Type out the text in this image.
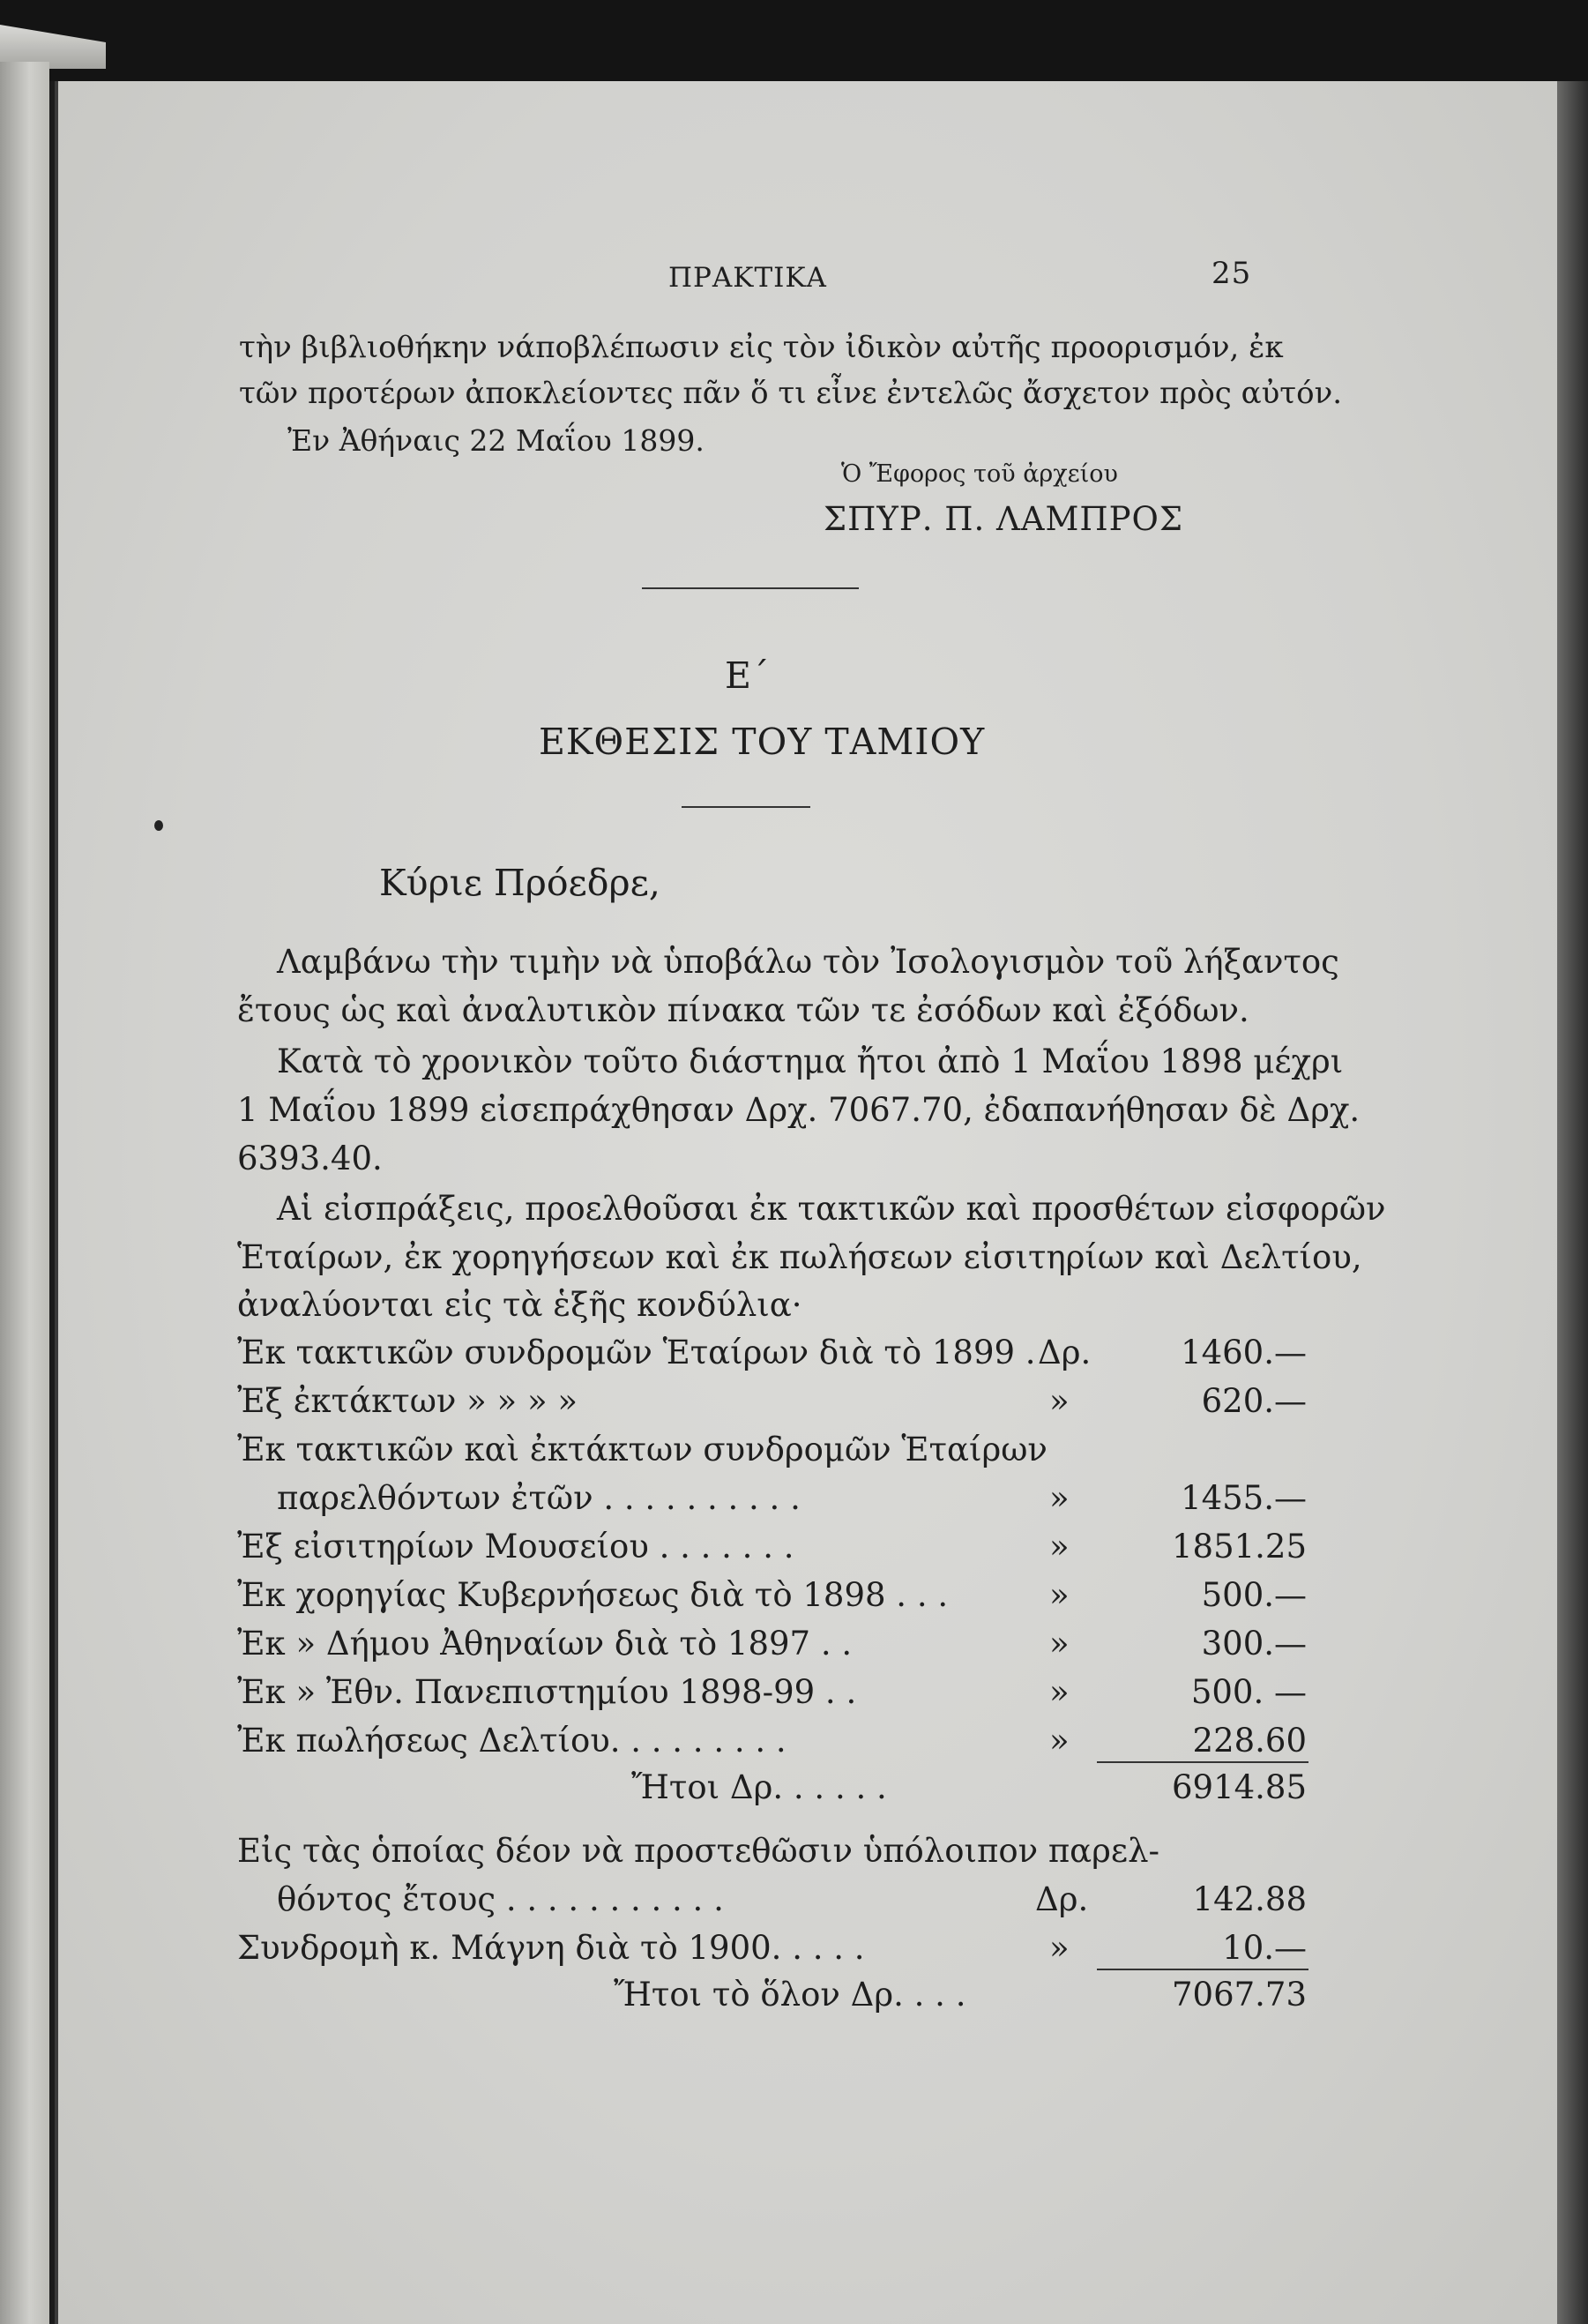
ΠΡΑΚΤΙΚΑ	25
τὴν βιβλιοθήκην νάποβλέπωσιν εἰς τὸν ἰδικὸν αὐτῆς προορισμόν, ἐκ
τῶν προτέρων ἀποκλείοντες πᾶν ὅ τι εἶνε ἐντελῶς ἄσχετον πρὸς αὐτόν.
Ἐν Ἀθήναις 22 Μαΐου 1899.
Ὁ Ἔφορος τοῦ ἀρχείου
ΣΠΥΡ. Π. ΛΑΜΠΡΟΣ
Ε΄
ΕΚΘΕΣΙΣ ΤΟΥ ΤΑΜΙΟΥ
Κύριε Πρόεδρε,
Λαμβάνω τὴν τιμὴν νὰ ὑποβάλω τὸν Ἰσολογισμὸν τοῦ λήξαντος
ἔτους ὡς καὶ ἀναλυτικὸν πίνακα τῶν τε ἐσόδων καὶ ἐξόδων.
Κατὰ τὸ χρονικὸν τοῦτο διάστημα ἤτοι ἀπὸ 1 Μαΐου 1898 μέχρι
1 Μαΐου 1899 εἰσεπράχθησαν Δρχ. 7067.70, ἐδαπανήθησαν δὲ Δρχ.
6393.40.
Αἱ εἰσπράξεις, προελθοῦσαι ἐκ τακτικῶν καὶ προσθέτων εἰσφορῶν
Ἑταίρων, ἐκ χορηγήσεων καὶ ἐκ πωλήσεων εἰσιτηρίων καὶ Δελτίου,
ἀναλύονται εἰς τὰ ἑξῆς κονδύλια·
Ἐκ τακτικῶν συνδρομῶν Ἑταίρων διὰ τὸ 1899 . Δρ.	1460.—
Ἐξ ἐκτάκτων » » » »	»	620.—
Ἐκ τακτικῶν καὶ ἐκτάκτων συνδρομῶν Ἑταίρων
παρελθόντων ἐτῶν . . . . . . . . . .	»	1455.—
Ἐξ εἰσιτηρίων Μουσείου . . . . . . .	»	1851.25
Ἐκ χορηγίας Κυβερνήσεως διὰ τὸ 1898 . . .	»	500.—
Ἐκ » Δήμου Ἀθηναίων διὰ τὸ 1897 . .	»	300.—
Ἐκ » Ἐθν. Πανεπιστημίου 1898-99 . .	»	500. —
Ἐκ πωλήσεως Δελτίου. . . . . . . . .	»	228.60
Ἤτοι Δρ. . . . . .	6914.85
Εἰς τὰς ὁποίας δέον νὰ προστεθῶσιν ὑπόλοιπον παρελ-
θόντος ἔτους . . . . . . . . . . .	Δρ.	142.88
Συνδρομὴ κ. Μάγνη διὰ τὸ 1900. . . . .	»	10.—
Ἤτοι τὸ ὅλον Δρ. . . .	7067.73
